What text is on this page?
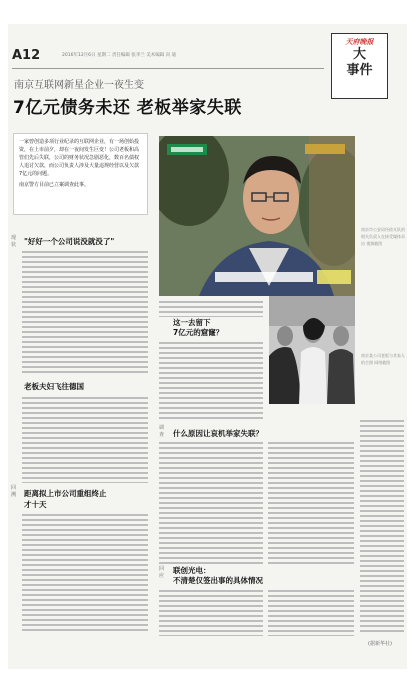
A12	2016年12月6日 星期二 责任编辑 张李兰 美术编辑 向 迪
天府晚报
大
事件
南京互联网新星企业一夜生变
7亿元债务未还 老板举家失联
一家曾创造多项行业纪录的互联网企业，有一场创始投资，在上市前夕，却在一夜间发生巨变！公司老板和高管们先后失联，公司的财务状况急剧恶化，数百名债权人追讨欠款，而公司负责人涉及大量违规经营以及欠款7亿元的问题。
南京警方目前已立案调查此事。
南京市公安局经侦支队的相关负责人在接受媒体采访 视频截图
南京某公司老板与其家人的合照 网络截图
现状	"好好一个公司说没就没了"
老板夫妇飞往德国
回溯	距离拟上市公司重组终止
才十天
这一去留下
7亿元的窟窿？
调查	什么原因让哀机举家失联？
回应
联创光电：
不清楚仅签出事的具体情况
(据新华社)
